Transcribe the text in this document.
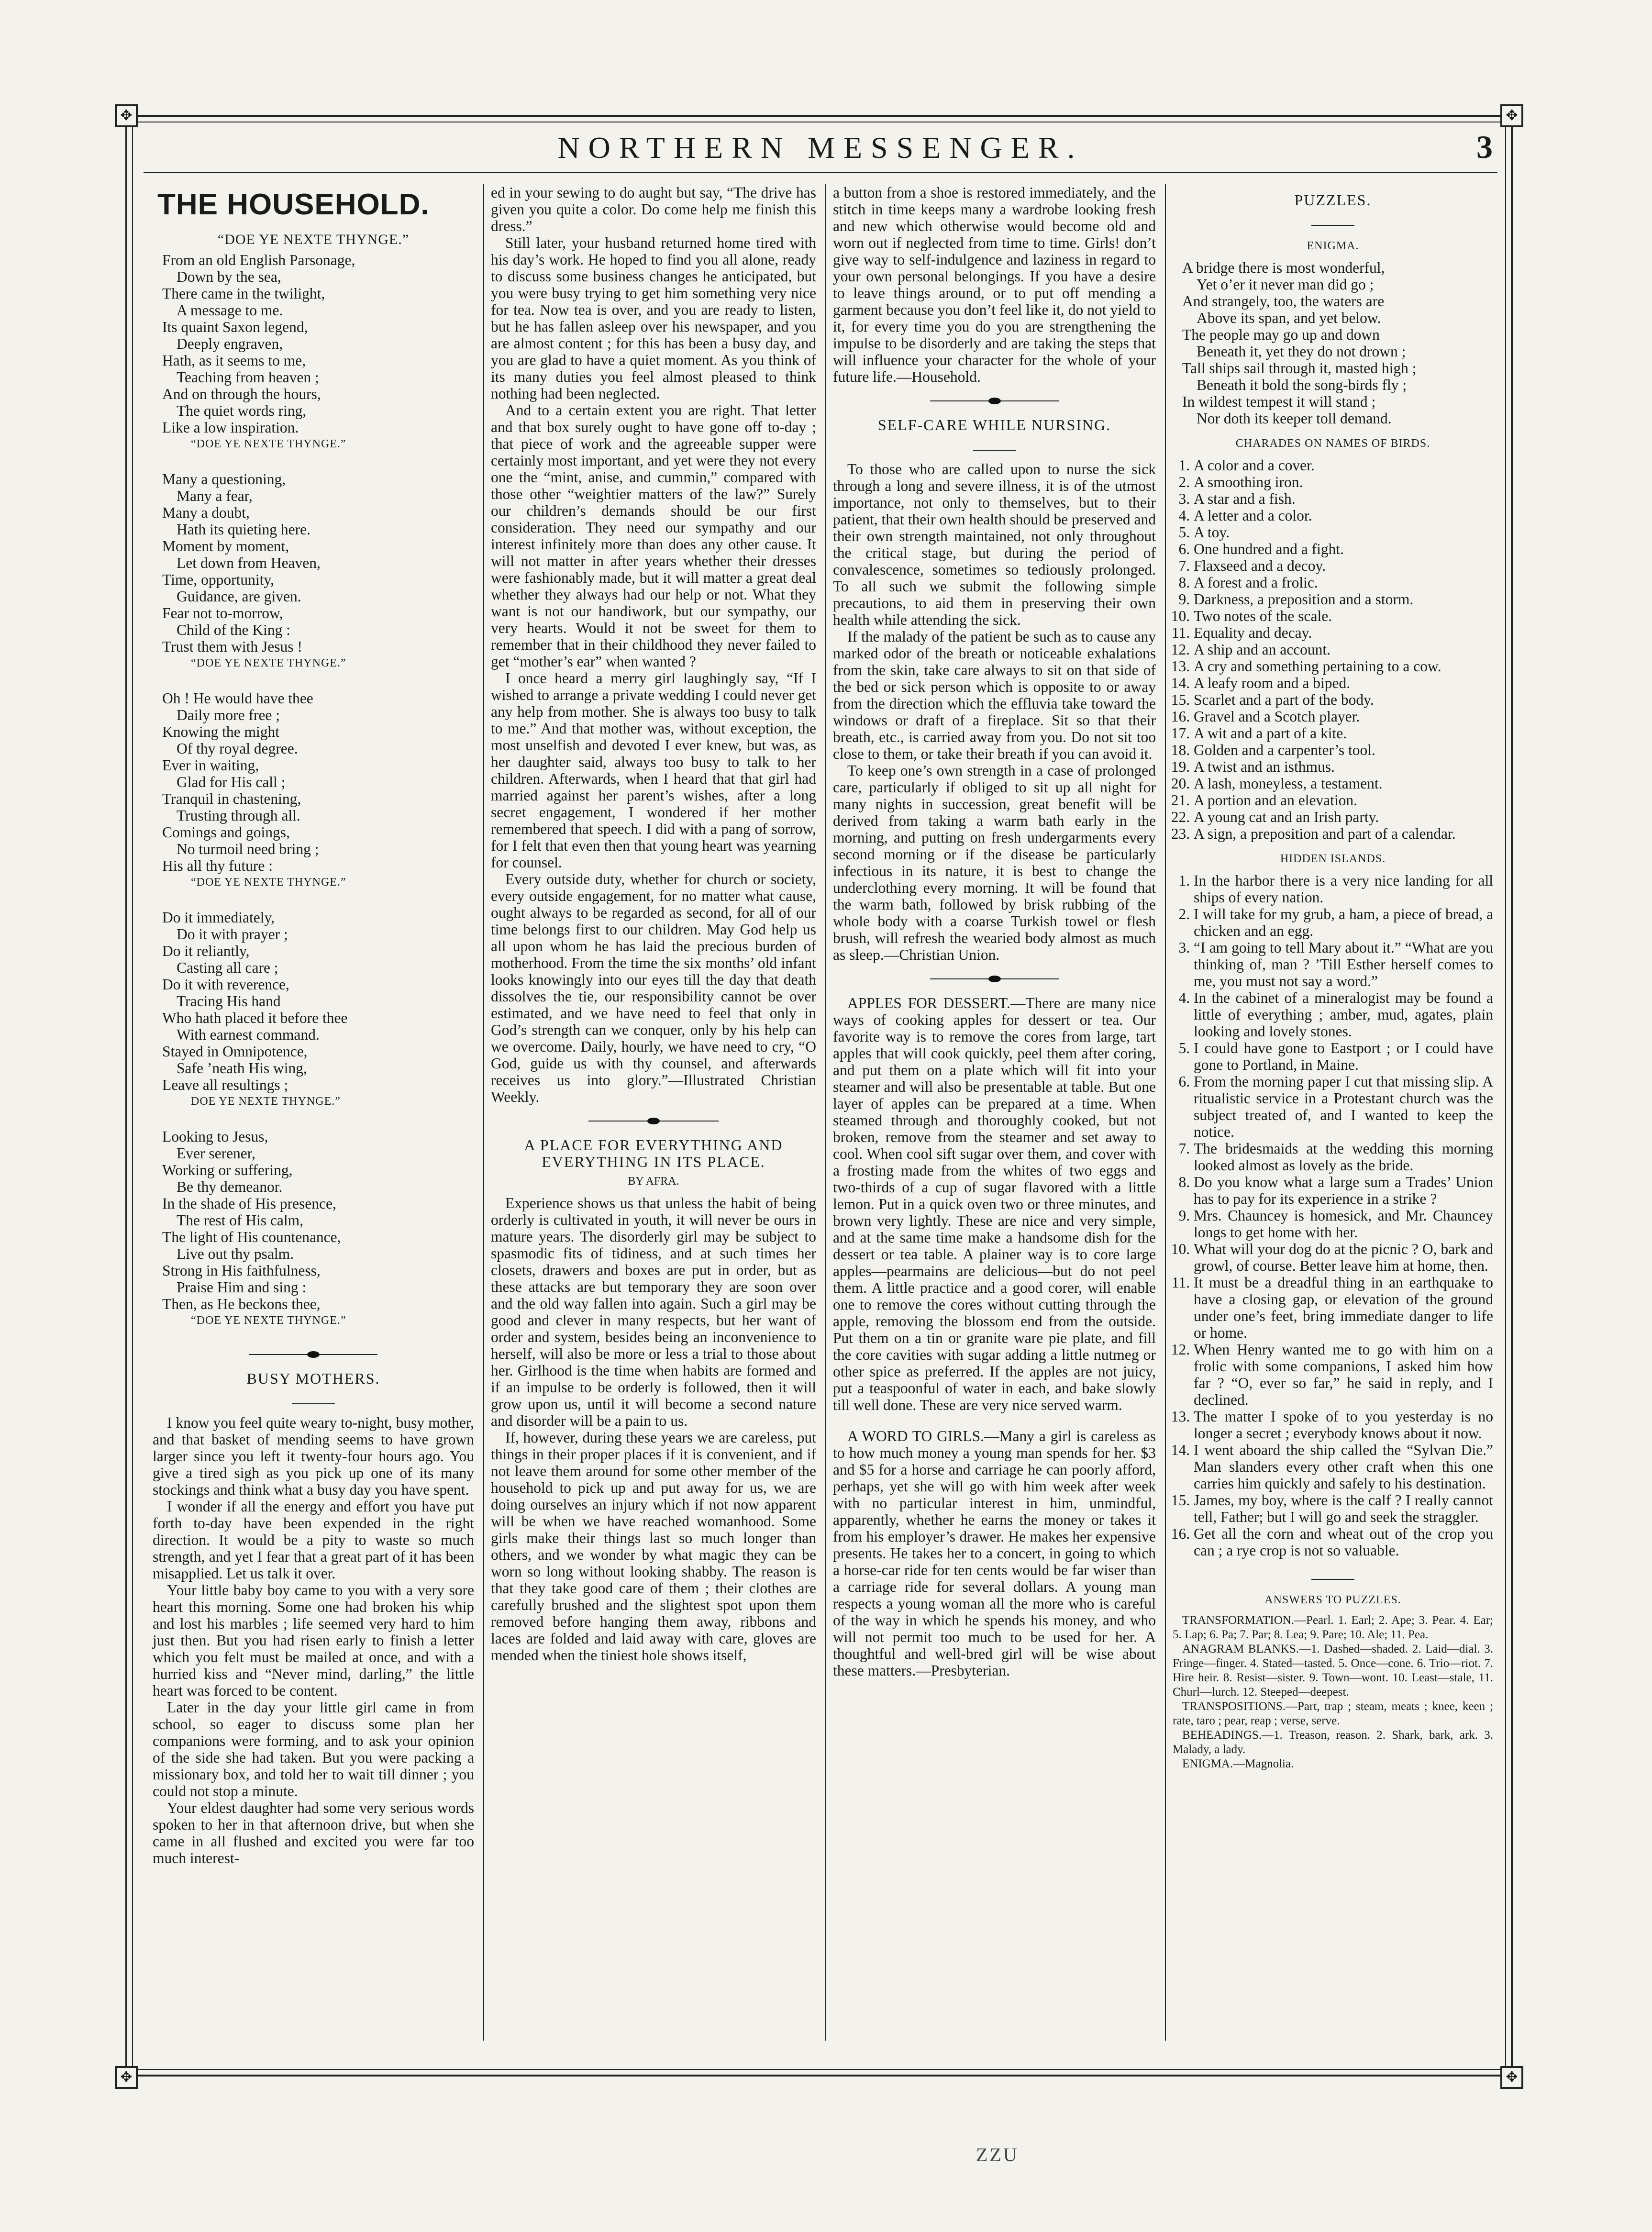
✥	✥
✥	✥
NORTHERN MESSENGER.	3
THE HOUSEHOLD.
“DOE YE NEXTE THYNGE.”
From an old English Parsonage,
Down by the sea,
There came in the twilight,
A message to me.
Its quaint Saxon legend,
Deeply engraven,
Hath, as it seems to me,
Teaching from heaven ;
And on through the hours,
The quiet words ring,
Like a low inspiration.
“DOE YE NEXTE THYNGE.”
Many a questioning,
Many a fear,
Many a doubt,
Hath its quieting here.
Moment by moment,
Let down from Heaven,
Time, opportunity,
Guidance, are given.
Fear not to-morrow,
Child of the King :
Trust them with Jesus !
“DOE YE NEXTE THYNGE.”
Oh ! He would have thee
Daily more free ;
Knowing the might
Of thy royal degree.
Ever in waiting,
Glad for His call ;
Tranquil in chastening,
Trusting through all.
Comings and goings,
No turmoil need bring ;
His all thy future :
“DOE YE NEXTE THYNGE.”
Do it immediately,
Do it with prayer ;
Do it reliantly,
Casting all care ;
Do it with reverence,
Tracing His hand
Who hath placed it before thee
With earnest command.
Stayed in Omnipotence,
Safe ’neath His wing,
Leave all resultings ;
DOE YE NEXTE THYNGE.”
Looking to Jesus,
Ever serener,
Working or suffering,
Be thy demeanor.
In the shade of His presence,
The rest of His calm,
The light of His countenance,
Live out thy psalm.
Strong in His faithfulness,
Praise Him and sing :
Then, as He beckons thee,
“DOE YE NEXTE THYNGE.”
BUSY MOTHERS.

I know you feel quite weary to-night, busy mother, and that basket of mending seems to have grown larger since you left it twenty-four hours ago. You give a tired sigh as you pick up one of its many stockings and think what a busy day you have spent.

I wonder if all the energy and effort you have put forth to-day have been expended in the right direction. It would be a pity to waste so much strength, and yet I fear that a great part of it has been misapplied. Let us talk it over.

Your little baby boy came to you with a very sore heart this morning. Some one had broken his whip and lost his marbles ; life seemed very hard to him just then. But you had risen early to finish a letter which you felt must be mailed at once, and with a hurried kiss and “Never mind, darling,” the little heart was forced to be content.

Later in the day your little girl came in from school, so eager to discuss some plan her companions were forming, and to ask your opinion of the side she had taken. But you were packing a missionary box, and told her to wait till dinner ; you could not stop a minute.

Your eldest daughter had some very serious words spoken to her in that afternoon drive, but when she came in all flushed and excited you were far too much interest-

ed in your sewing to do aught but say, “The drive has given you quite a color. Do come help me finish this dress.”

Still later, your husband returned home tired with his day’s work. He hoped to find you all alone, ready to discuss some business changes he anticipated, but you were busy trying to get him something very nice for tea. Now tea is over, and you are ready to listen, but he has fallen asleep over his newspaper, and you are almost content ; for this has been a busy day, and you are glad to have a quiet moment. As you think of its many duties you feel almost pleased to think nothing had been neglected.

And to a certain extent you are right. That letter and that box surely ought to have gone off to-day ; that piece of work and the agreeable supper were certainly most important, and yet were they not every one the “mint, anise, and cummin,” compared with those other “weightier matters of the law?” Surely our children’s demands should be our first consideration. They need our sympathy and our interest infinitely more than does any other cause. It will not matter in after years whether their dresses were fashionably made, but it will matter a great deal whether they always had our help or not. What they want is not our handiwork, but our sympathy, our very hearts. Would it not be sweet for them to remember that in their childhood they never failed to get “mother’s ear” when wanted ?

I once heard a merry girl laughingly say, “If I wished to arrange a private wedding I could never get any help from mother. She is always too busy to talk to me.” And that mother was, without exception, the most unselfish and devoted I ever knew, but was, as her daughter said, always too busy to talk to her children. Afterwards, when I heard that that girl had married against her parent’s wishes, after a long secret engagement, I wondered if her mother remembered that speech. I did with a pang of sorrow, for I felt that even then that young heart was yearning for counsel.

Every outside duty, whether for church or society, every outside engagement, for no matter what cause, ought always to be regarded as second, for all of our time belongs first to our children. May God help us all upon whom he has laid the precious burden of motherhood. From the time the six months’ old infant looks knowingly into our eyes till the day that death dissolves the tie, our responsibility cannot be over estimated, and we have need to feel that only in God’s strength can we conquer, only by his help can we overcome. Daily, hourly, we have need to cry, “O God, guide us with thy counsel, and afterwards receives us into glory.”—Illustrated Christian Weekly.

A PLACE FOR EVERYTHING AND EVERYTHING IN ITS PLACE.
BY AFRA.

Experience shows us that unless the habit of being orderly is cultivated in youth, it will never be ours in mature years. The disorderly girl may be subject to spasmodic fits of tidiness, and at such times her closets, drawers and boxes are put in order, but as these attacks are but temporary they are soon over and the old way fallen into again. Such a girl may be good and clever in many respects, but her want of order and system, besides being an inconvenience to herself, will also be more or less a trial to those about her. Girlhood is the time when habits are formed and if an impulse to be orderly is followed, then it will grow upon us, until it will become a second nature and disorder will be a pain to us.

If, however, during these years we are careless, put things in their proper places if it is convenient, and if not leave them around for some other member of the household to pick up and put away for us, we are doing ourselves an injury which if not now apparent will be when we have reached womanhood. Some girls make their things last so much longer than others, and we wonder by what magic they can be worn so long without looking shabby. The reason is that they take good care of them ; their clothes are carefully brushed and the slightest spot upon them removed before hanging them away, ribbons and laces are folded and laid away with care, gloves are mended when the tiniest hole shows itself,

a button from a shoe is restored immediately, and the stitch in time keeps many a wardrobe looking fresh and new which otherwise would become old and worn out if neglected from time to time. Girls! don’t give way to self-indulgence and laziness in regard to your own personal belongings. If you have a desire to leave things around, or to put off mending a garment because you don’t feel like it, do not yield to it, for every time you do you are strengthening the impulse to be disorderly and are taking the steps that will influence your character for the whole of your future life.—Household.

SELF-CARE WHILE NURSING.

To those who are called upon to nurse the sick through a long and severe illness, it is of the utmost importance, not only to themselves, but to their patient, that their own health should be preserved and their own strength maintained, not only throughout the critical stage, but during the period of convalescence, sometimes so tediously prolonged. To all such we submit the following simple precautions, to aid them in preserving their own health while attending the sick.

If the malady of the patient be such as to cause any marked odor of the breath or noticeable exhalations from the skin, take care always to sit on that side of the bed or sick person which is opposite to or away from the direction which the effluvia take toward the windows or draft of a fireplace. Sit so that their breath, etc., is carried away from you. Do not sit too close to them, or take their breath if you can avoid it.

To keep one’s own strength in a case of prolonged care, particularly if obliged to sit up all night for many nights in succession, great benefit will be derived from taking a warm bath early in the morning, and putting on fresh undergarments every second morning or if the disease be particularly infectious in its nature, it is best to change the underclothing every morning. It will be found that the warm bath, followed by brisk rubbing of the whole body with a coarse Turkish towel or flesh brush, will refresh the wearied body almost as much as sleep.—Christian Union.

APPLES FOR DESSERT.—There are many nice ways of cooking apples for dessert or tea. Our favorite way is to remove the cores from large, tart apples that will cook quickly, peel them after coring, and put them on a plate which will fit into your steamer and will also be presentable at table. But one layer of apples can be prepared at a time. When steamed through and thoroughly cooked, but not broken, remove from the steamer and set away to cool. When cool sift sugar over them, and cover with a frosting made from the whites of two eggs and two-thirds of a cup of sugar flavored with a little lemon. Put in a quick oven two or three minutes, and brown very lightly. These are nice and very simple, and at the same time make a handsome dish for the dessert or tea table. A plainer way is to core large apples—pearmains are delicious—but do not peel them. A little practice and a good corer, will enable one to remove the cores without cutting through the apple, removing the blossom end from the outside. Put them on a tin or granite ware pie plate, and fill the core cavities with sugar adding a little nutmeg or other spice as preferred. If the apples are not juicy, put a teaspoonful of water in each, and bake slowly till well done. These are very nice served warm.

A WORD TO GIRLS.—Many a girl is careless as to how much money a young man spends for her. $3 and $5 for a horse and carriage he can poorly afford, perhaps, yet she will go with him week after week with no particular interest in him, unmindful, apparently, whether he earns the money or takes it from his employer’s drawer. He makes her expensive presents. He takes her to a concert, in going to which a horse-car ride for ten cents would be far wiser than a carriage ride for several dollars. A young man respects a young woman all the more who is careful of the way in which he spends his money, and who will not permit too much to be used for her. A thoughtful and well-bred girl will be wise about these matters.—Presbyterian.

PUZZLES.
ENIGMA.
A bridge there is most wonderful,
Yet o’er it never man did go ;
And strangely, too, the waters are
Above its span, and yet below.
The people may go up and down
Beneath it, yet they do not drown ;
Tall ships sail through it, masted high ;
Beneath it bold the song-birds fly ;
In wildest tempest it will stand ;
Nor doth its keeper toll demand.
CHARADES ON NAMES OF BIRDS.
1. A color and a cover.
2. A smoothing iron.
3. A star and a fish.
4. A letter and a color.
5. A toy.
6. One hundred and a fight.
7. Flaxseed and a decoy.
8. A forest and a frolic.
9. Darkness, a preposition and a storm.
10. Two notes of the scale.
11. Equality and decay.
12. A ship and an account.
13. A cry and something pertaining to a cow.
14. A leafy room and a biped.
15. Scarlet and a part of the body.
16. Gravel and a Scotch player.
17. A wit and a part of a kite.
18. Golden and a carpenter’s tool.
19. A twist and an isthmus.
20. A lash, moneyless, a testament.
21. A portion and an elevation.
22. A young cat and an Irish party.
23. A sign, a preposition and part of a calendar.
HIDDEN ISLANDS.
1. In the harbor there is a very nice landing for all ships of every nation.
2. I will take for my grub, a ham, a piece of bread, a chicken and an egg.
3. “I am going to tell Mary about it.” “What are you thinking of, man ? ’Till Esther herself comes to me, you must not say a word.”
4. In the cabinet of a mineralogist may be found a little of everything ; amber, mud, agates, plain looking and lovely stones.
5. I could have gone to Eastport ; or I could have gone to Portland, in Maine.
6. From the morning paper I cut that missing slip. A ritualistic service in a Protestant church was the subject treated of, and I wanted to keep the notice.
7. The bridesmaids at the wedding this morning looked almost as lovely as the bride.
8. Do you know what a large sum a Trades’ Union has to pay for its experience in a strike ?
9. Mrs. Chauncey is homesick, and Mr. Chauncey longs to get home with her.
10. What will your dog do at the picnic ? O, bark and growl, of course. Better leave him at home, then.
11. It must be a dreadful thing in an earthquake to have a closing gap, or elevation of the ground under one’s feet, bring immediate danger to life or home.
12. When Henry wanted me to go with him on a frolic with some companions, I asked him how far ? “O, ever so far,” he said in reply, and I declined.
13. The matter I spoke of to you yesterday is no longer a secret ; everybody knows about it now.
14. I went aboard the ship called the “Sylvan Die.” Man slanders every other craft when this one carries him quickly and safely to his destination.
15. James, my boy, where is the calf ? I really cannot tell, Father; but I will go and seek the straggler.
16. Get all the corn and wheat out of the crop you can ; a rye crop is not so valuable.
ANSWERS TO PUZZLES.

TRANSFORMATION.—Pearl. 1. Earl; 2. Ape; 3. Pear. 4. Ear; 5. Lap; 6. Pa; 7. Par; 8. Lea; 9. Pare; 10. Ale; 11. Pea.

ANAGRAM BLANKS.—1. Dashed—shaded. 2. Laid—dial. 3. Fringe—finger. 4. Stated—tasted. 5. Once—cone. 6. Trio—riot. 7. Hire heir. 8. Resist—sister. 9. Town—wont. 10. Least—stale, 11. Churl—lurch. 12. Steeped—deepest.

TRANSPOSITIONS.—Part, trap ; steam, meats ; knee, keen ; rate, taro ; pear, reap ; verse, serve.

BEHEADINGS.—1. Treason, reason. 2. Shark, bark, ark. 3. Malady, a lady.

ENIGMA.—Magnolia.

ZZU
